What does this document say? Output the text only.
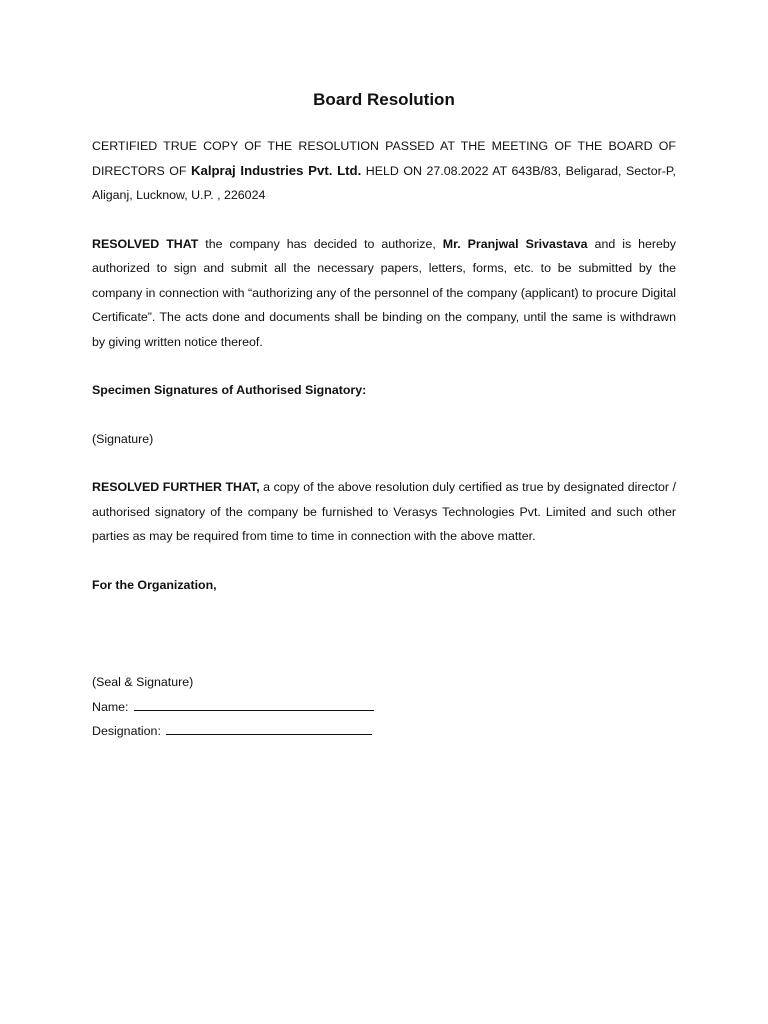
Board Resolution

CERTIFIED TRUE COPY OF THE RESOLUTION PASSED AT THE MEETING OF THE BOARD OF DIRECTORS OF Kalpraj Industries Pvt. Ltd. HELD ON 27.08.2022 AT 643B/83, Beligarad, Sector-P, Aliganj, Lucknow, U.P. , 226024

RESOLVED THAT the company has decided to authorize, Mr. Pranjwal Srivastava and is hereby authorized to sign and submit all the necessary papers, letters, forms, etc. to be submitted by the company in connection with “authorizing any of the personnel of the company (applicant) to procure Digital Certificate”. The acts done and documents shall be binding on the company, until the same is withdrawn by giving written notice thereof.

Specimen Signatures of Authorised Signatory:

(Signature)

RESOLVED FURTHER THAT, a copy of the above resolution duly certified as true by designated director / authorised signatory of the company be furnished to Verasys Technologies Pvt. Limited and such other parties as may be required from time to time in connection with the above matter.

For the Organization,

(Seal & Signature)
Name:
Designation:
